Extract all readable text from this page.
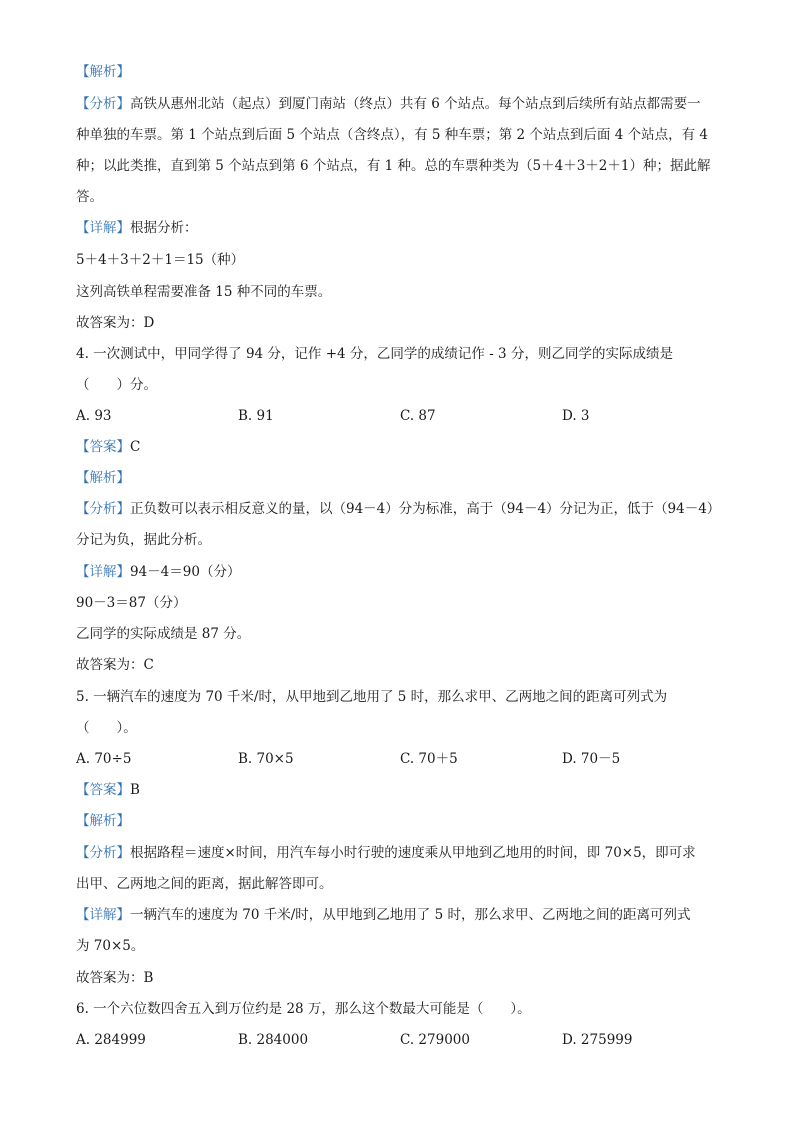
【解析】
【分析】高铁从惠州北站（起点）到厦门南站（终点）共有 6 个站点。每个站点到后续所有站点都需要一
种单独的车票。第 1 个站点到后面 5 个站点（含终点），有 5 种车票；第 2 个站点到后面 4 个站点，有 4
种；以此类推，直到第 5 个站点到第 6 个站点，有 1 种。总的车票种类为（5＋4＋3＋2＋1）种；据此解
答。
【详解】根据分析：
5＋4＋3＋2＋1＝15（种）
这列高铁单程需要准备 15 种不同的车票。
故答案为：D
4. 一次测试中，甲同学得了 94 分，记作 +4 分，乙同学的成绩记作 - 3 分，则乙同学的实际成绩是
（　　）分。
A. 93	B. 91	C. 87	D. 3
【答案】C
【解析】
【分析】正负数可以表示相反意义的量，以（94－4）分为标准，高于（94－4）分记为正，低于（94－4）
分记为负，据此分析。
【详解】94－4＝90（分）
90－3＝87（分）
乙同学的实际成绩是 87 分。
故答案为：C
5. 一辆汽车的速度为 70 千米/时，从甲地到乙地用了 5 时，那么求甲、乙两地之间的距离可列式为
（　　）。
A. 70÷5	B. 70×5	C. 70＋5	D. 70－5
【答案】B
【解析】
【分析】根据路程＝速度×时间，用汽车每小时行驶的速度乘从甲地到乙地用的时间，即 70×5，即可求
出甲、乙两地之间的距离，据此解答即可。
【详解】一辆汽车的速度为 70 千米/时，从甲地到乙地用了 5 时，那么求甲、乙两地之间的距离可列式
为 70×5。
故答案为：B
6. 一个六位数四舍五入到万位约是 28 万，那么这个数最大可能是（　　）。
A. 284999	B. 284000	C. 279000	D. 275999
